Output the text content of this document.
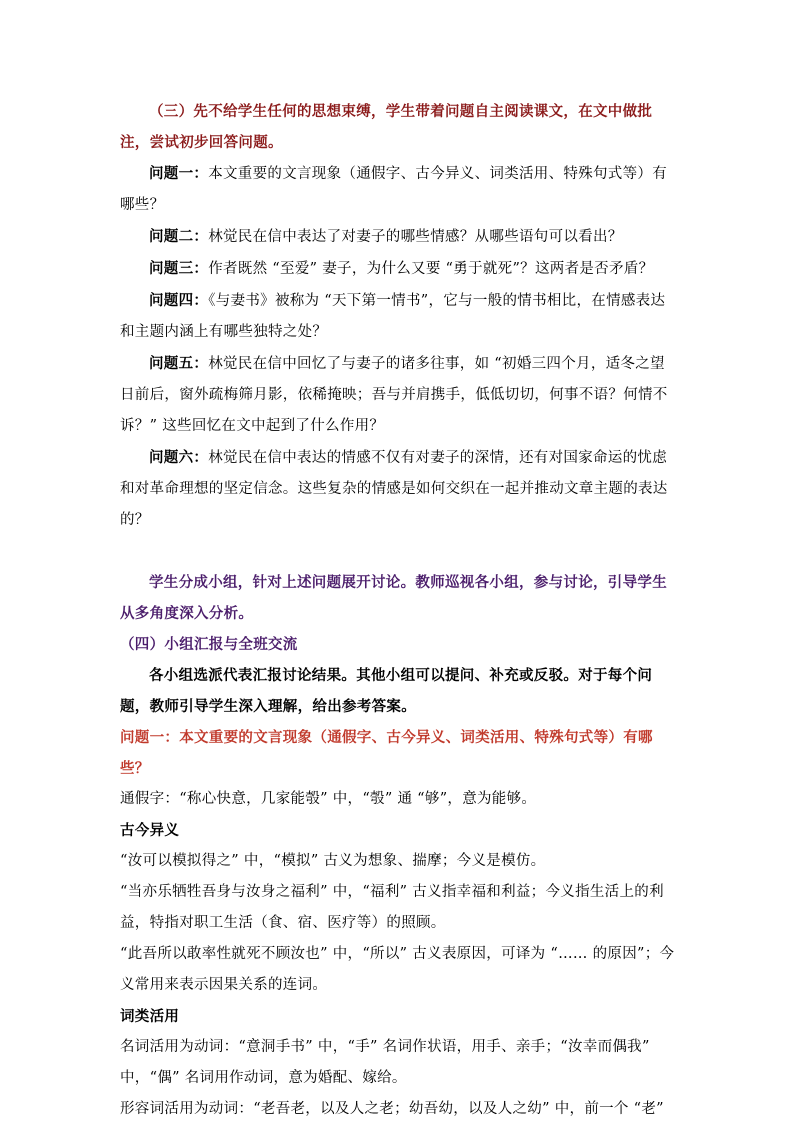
（三）先不给学生任何的思想束缚，学生带着问题自主阅读课文，在文中做批注，尝试初步回答问题。

问题一：本文重要的文言现象（通假字、古今异义、词类活用、特殊句式等）有哪些？

问题二：林觉民在信中表达了对妻子的哪些情感？从哪些语句可以看出？

问题三：作者既然 “至爱” 妻子，为什么又要 “勇于就死”？这两者是否矛盾？

问题四：《与妻书》被称为 “天下第一情书”，它与一般的情书相比，在情感表达和主题内涵上有哪些独特之处？

问题五：林觉民在信中回忆了与妻子的诸多往事，如 “初婚三四个月，适冬之望日前后，窗外疏梅筛月影，依稀掩映；吾与并肩携手，低低切切，何事不语？何情不诉？” 这些回忆在文中起到了什么作用？

问题六：林觉民在信中表达的情感不仅有对妻子的深情，还有对国家命运的忧虑和对革命理想的坚定信念。这些复杂的情感是如何交织在一起并推动文章主题的表达的？

学生分成小组，针对上述问题展开讨论。教师巡视各小组，参与讨论，引导学生从多角度深入分析。

（四）小组汇报与全班交流

各小组选派代表汇报讨论结果。其他小组可以提问、补充或反驳。对于每个问题，教师引导学生深入理解，给出参考答案。

问题一：本文重要的文言现象（通假字、古今异义、词类活用、特殊句式等）有哪些？

通假字：“称心快意，几家能彀” 中，“彀” 通 “够”，意为能够。

古今异义

“汝可以模拟得之” 中，“模拟” 古义为想象、揣摩；今义是模仿。

“当亦乐牺牲吾身与汝身之福利” 中，“福利” 古义指幸福和利益；今义指生活上的利益，特指对职工生活（食、宿、医疗等）的照顾。

“此吾所以敢率性就死不顾汝也” 中，“所以” 古义表原因，可译为 “…… 的原因”；今义常用来表示因果关系的连词。

词类活用

名词活用为动词：“意洞手书” 中，“手” 名词作状语，用手、亲手；“汝幸而偶我” 中，“偶” 名词用作动词，意为婚配、嫁给。

形容词活用为动词：“老吾老，以及人之老；幼吾幼，以及人之幼” 中，前一个 “老”
